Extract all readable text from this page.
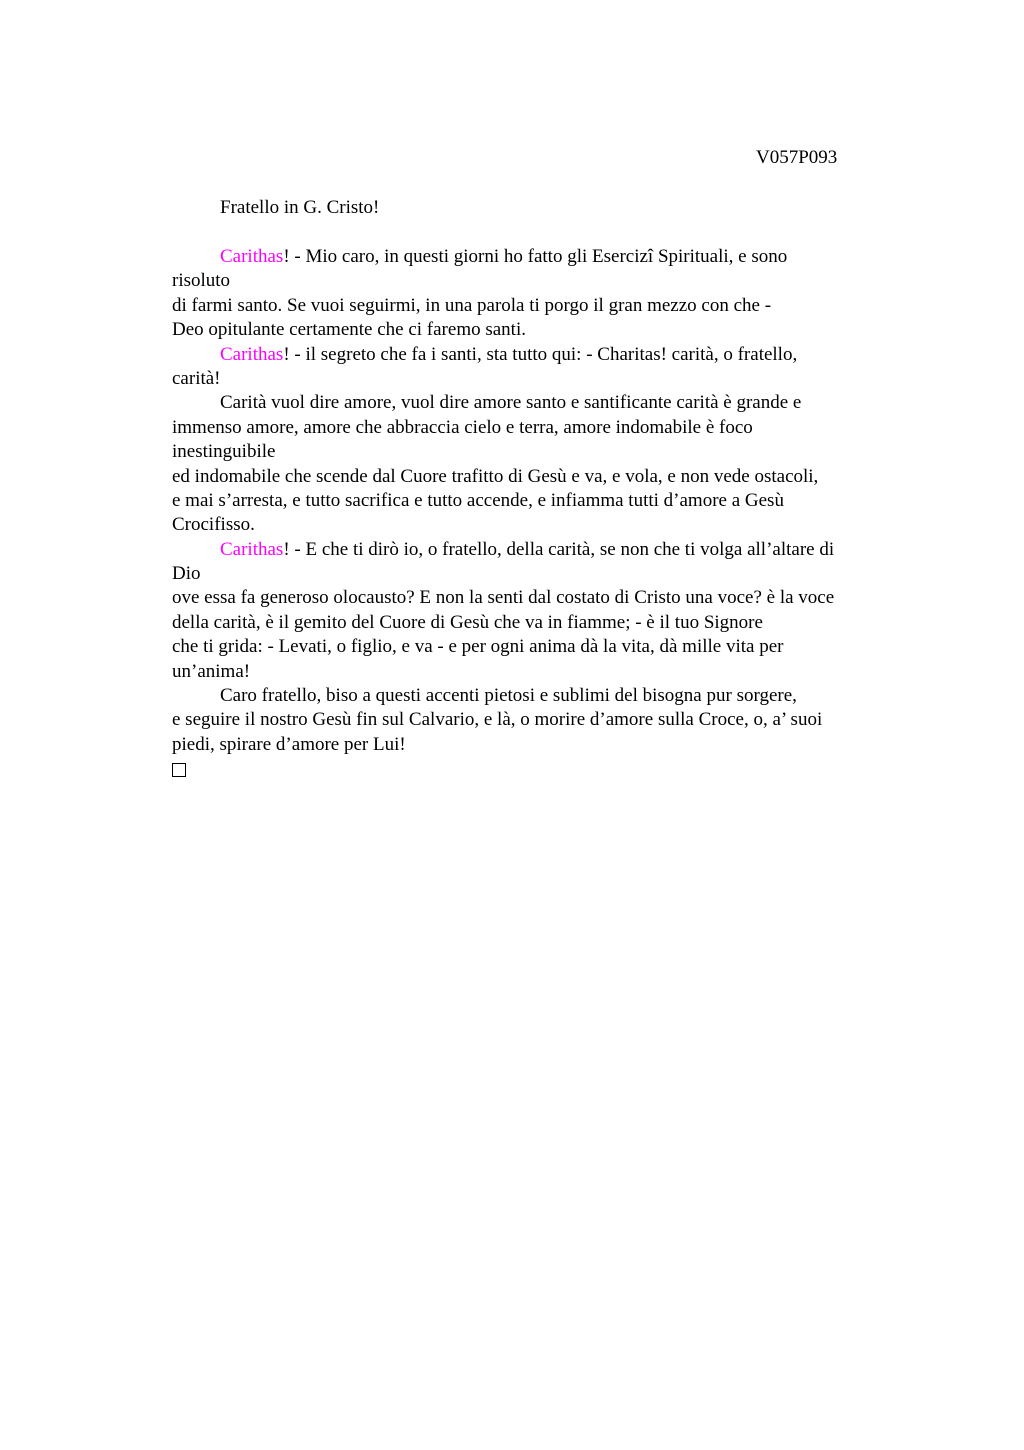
V057P093
Fratello in G. Cristo!
Carithas! - Mio caro, in questi giorni ho fatto gli Esercizî Spirituali, e sono
risoluto
di farmi santo. Se vuoi seguirmi, in una parola ti porgo il gran mezzo con che -
Deo opitulante certamente che ci faremo santi.
Carithas! - il segreto che fa i santi, sta tutto qui: - Charitas! carità, o fratello,
carità!
Carità vuol dire amore, vuol dire amore santo e santificante carità è grande e
immenso amore, amore che abbraccia cielo e terra, amore indomabile è foco
inestinguibile
ed indomabile che scende dal Cuore trafitto di Gesù e va, e vola, e non vede ostacoli,
e mai s’arresta, e tutto sacrifica e tutto accende, e infiamma tutti d’amore a Gesù
Crocifisso.
Carithas! - E che ti dirò io, o fratello, della carità, se non che ti volga all’altare di
Dio
ove essa fa generoso olocausto? E non la senti dal costato di Cristo una voce? è la voce
della carità, è il gemito del Cuore di Gesù che va in fiamme; - è il tuo Signore
che ti grida: - Levati, o figlio, e va - e per ogni anima dà la vita, dà mille vita per
un’anima!
Caro fratello, biso a questi accenti pietosi e sublimi del bisogna pur sorgere,
e seguire il nostro Gesù fin sul Calvario, e là, o morire d’amore sulla Croce, o, a’ suoi
piedi, spirare d’amore per Lui!
